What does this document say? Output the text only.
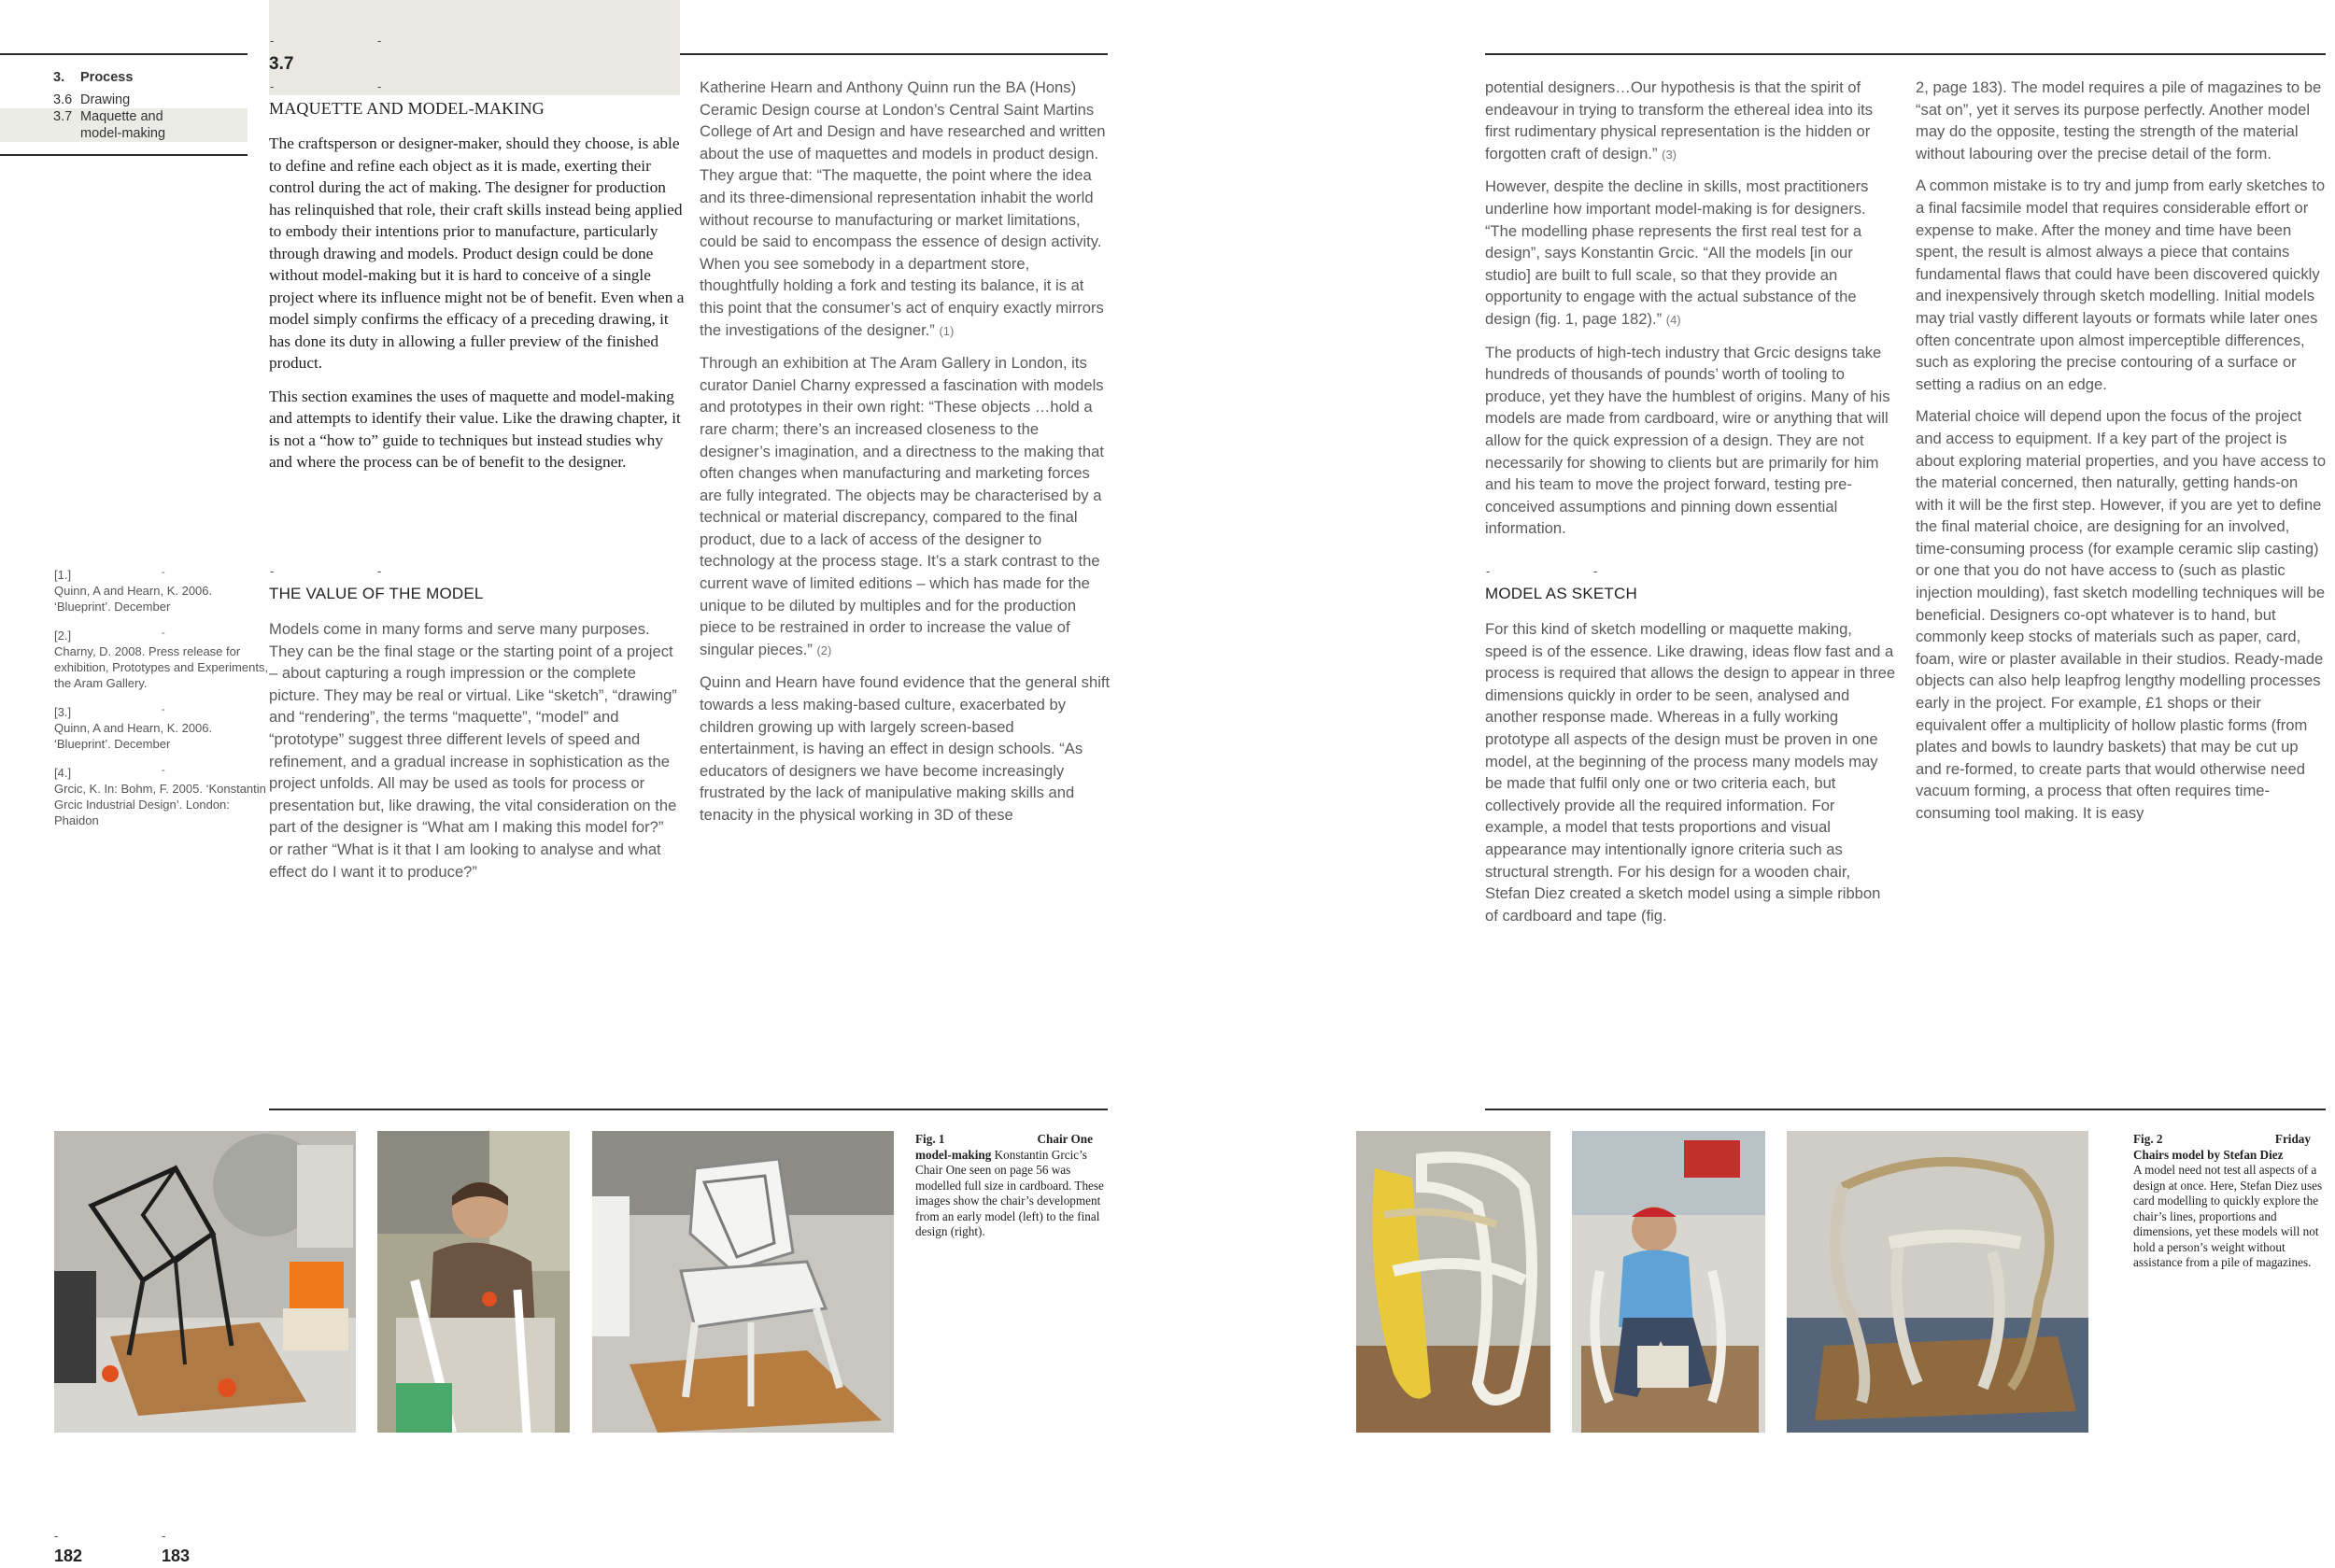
3.	Process
3.6 Drawing
3.7 Maquette and
model-making
-	-
3.7
-	-
MAQUETTE AND MODEL-MAKING

The craftsperson or designer-maker, should they choose, is able to define and refine each object as it is made, exerting their control during the act of making. The designer for production has relinquished that role, their craft skills instead being applied to embody their intentions prior to manufacture, particularly through drawing and models. Product design could be done without model-making but it is hard to conceive of a single project where its influence might not be of benefit. Even when a model simply confirms the efficacy of a preceding drawing, it has done its duty in allowing a fuller preview of the finished product.

This section examines the uses of maquette and model-making and attempts to identify their value. Like the drawing chapter, it is not a “how to” guide to techniques but instead studies why and where the process can be of benefit to the designer.

-
[1.]
Quinn, A and Hearn, K. 2006. ‘Blueprint’. December
-
[2.]
Charny, D. 2008. Press release for exhibition, Prototypes and Experiments, the Aram Gallery.
-
[3.]
Quinn, A and Hearn, K. 2006. ‘Blueprint’. December
-
[4.]
Grcic, K. In: Bohm, F. 2005. ‘Konstantin Grcic Industrial Design’. London: Phaidon
-	-
THE VALUE OF THE MODEL

Models come in many forms and serve many purposes. They can be the final stage or the starting point of a project – about capturing a rough impression or the complete picture. They may be real or virtual. Like “sketch”, “drawing” and “rendering”, the terms “maquette”, “model” and “prototype” suggest three different levels of speed and refinement, and a gradual increase in sophistication as the project unfolds. All may be used as tools for process or presentation but, like drawing, the vital consideration on the part of the designer is “What am I making this model for?” or rather “What is it that I am looking to analyse and what effect do I want it to produce?”

Katherine Hearn and Anthony Quinn run the BA (Hons) Ceramic Design course at London’s Central Saint Martins College of Art and Design and have researched and written about the use of maquettes and models in product design. They argue that: “The maquette, the point where the idea and its three-dimensional representation inhabit the world without recourse to manufacturing or market limitations, could be said to encompass the essence of design activity. When you see somebody in a department store, thoughtfully holding a fork and testing its balance, it is at this point that the consumer’s act of enquiry exactly mirrors the investigations of the designer.” (1)

Through an exhibition at The Aram Gallery in London, its curator Daniel Charny expressed a fascination with models and prototypes in their own right: “These objects …hold a rare charm; there’s an increased closeness to the designer’s imagination, and a directness to the making that often changes when manufacturing and marketing forces are fully integrated. The objects may be characterised by a technical or material discrepancy, compared to the final product, due to a lack of access of the designer to technology at the process stage. It’s a stark contrast to the current wave of limited editions – which has made for the unique to be diluted by multiples and for the production piece to be restrained in order to increase the value of singular pieces.” (2)

Quinn and Hearn have found evidence that the general shift towards a less making-based culture, exacerbated by children growing up with largely screen-based entertainment, is having an effect in design schools. “As educators of designers we have become increasingly frustrated by the lack of manipulative making skills and tenacity in the physical working in 3D of these

Fig. 1	Chair One
model-making Konstantin Grcic’s Chair One seen on page 56 was modelled full size in cardboard. These images show the chair’s development from an early model (left) to the final design (right).
-	-
182	183

potential designers…Our hypothesis is that the spirit of endeavour in trying to transform the ethereal idea into its first rudimentary physical representation is the hidden or forgotten craft of design.” (3)

However, despite the decline in skills, most practitioners underline how important model-making is for designers. “The modelling phase represents the first real test for a design”, says Konstantin Grcic. “All the models [in our studio] are built to full scale, so that they provide an opportunity to engage with the actual substance of the design (fig. 1, page 182).” (4)

The products of high-tech industry that Grcic designs take hundreds of thousands of pounds’ worth of tooling to produce, yet they have the humblest of origins. Many of his models are made from cardboard, wire or anything that will allow for the quick expression of a design. They are not necessarily for showing to clients but are primarily for him and his team to move the project forward, testing pre-conceived assumptions and pinning down essential information.

-	-
MODEL AS SKETCH

For this kind of sketch modelling or maquette making, speed is of the essence. Like drawing, ideas flow fast and a process is required that allows the design to appear in three dimensions quickly in order to be seen, analysed and another response made. Whereas in a fully working prototype all aspects of the design must be proven in one model, at the beginning of the process many models may be made that fulfil only one or two criteria each, but collectively provide all the required information. For example, a model that tests proportions and visual appearance may intentionally ignore criteria such as structural strength. For his design for a wooden chair, Stefan Diez created a sketch model using a simple ribbon of cardboard and tape (fig.

2, page 183). The model requires a pile of magazines to be “sat on”, yet it serves its purpose perfectly. Another model may do the opposite, testing the strength of the material without labouring over the precise detail of the form.

A common mistake is to try and jump from early sketches to a final facsimile model that requires considerable effort or expense to make. After the money and time have been spent, the result is almost always a piece that contains fundamental flaws that could have been discovered quickly and inexpensively through sketch modelling. Initial models may trial vastly different layouts or formats while later ones often concentrate upon almost imperceptible differences, such as exploring the precise contouring of a surface or setting a radius on an edge.

Material choice will depend upon the focus of the project and access to equipment. If a key part of the project is about exploring material properties, and you have access to the material concerned, then naturally, getting hands-on with it will be the first step. However, if you are yet to define the final material choice, are designing for an involved, time-consuming process (for example ceramic slip casting) or one that you do not have access to (such as plastic injection moulding), fast sketch modelling techniques will be beneficial. Designers co-opt whatever is to hand, but commonly keep stocks of materials such as paper, card, foam, wire or plaster available in their studios. Ready-made objects can also help leapfrog lengthy modelling processes early in the project. For example, £1 shops or their equivalent offer a multiplicity of hollow plastic forms (from plates and bowls to laundry baskets) that may be cut up and re-formed, to create parts that would otherwise need vacuum forming, a process that often requires time-consuming tool making. It is easy

Fig. 2	Friday
Chairs model by Stefan Diez
A model need not test all aspects of a design at once. Here, Stefan Diez uses card modelling to quickly explore the chair’s lines, proportions and dimensions, yet these models will not hold a person’s weight without assistance from a pile of magazines.
